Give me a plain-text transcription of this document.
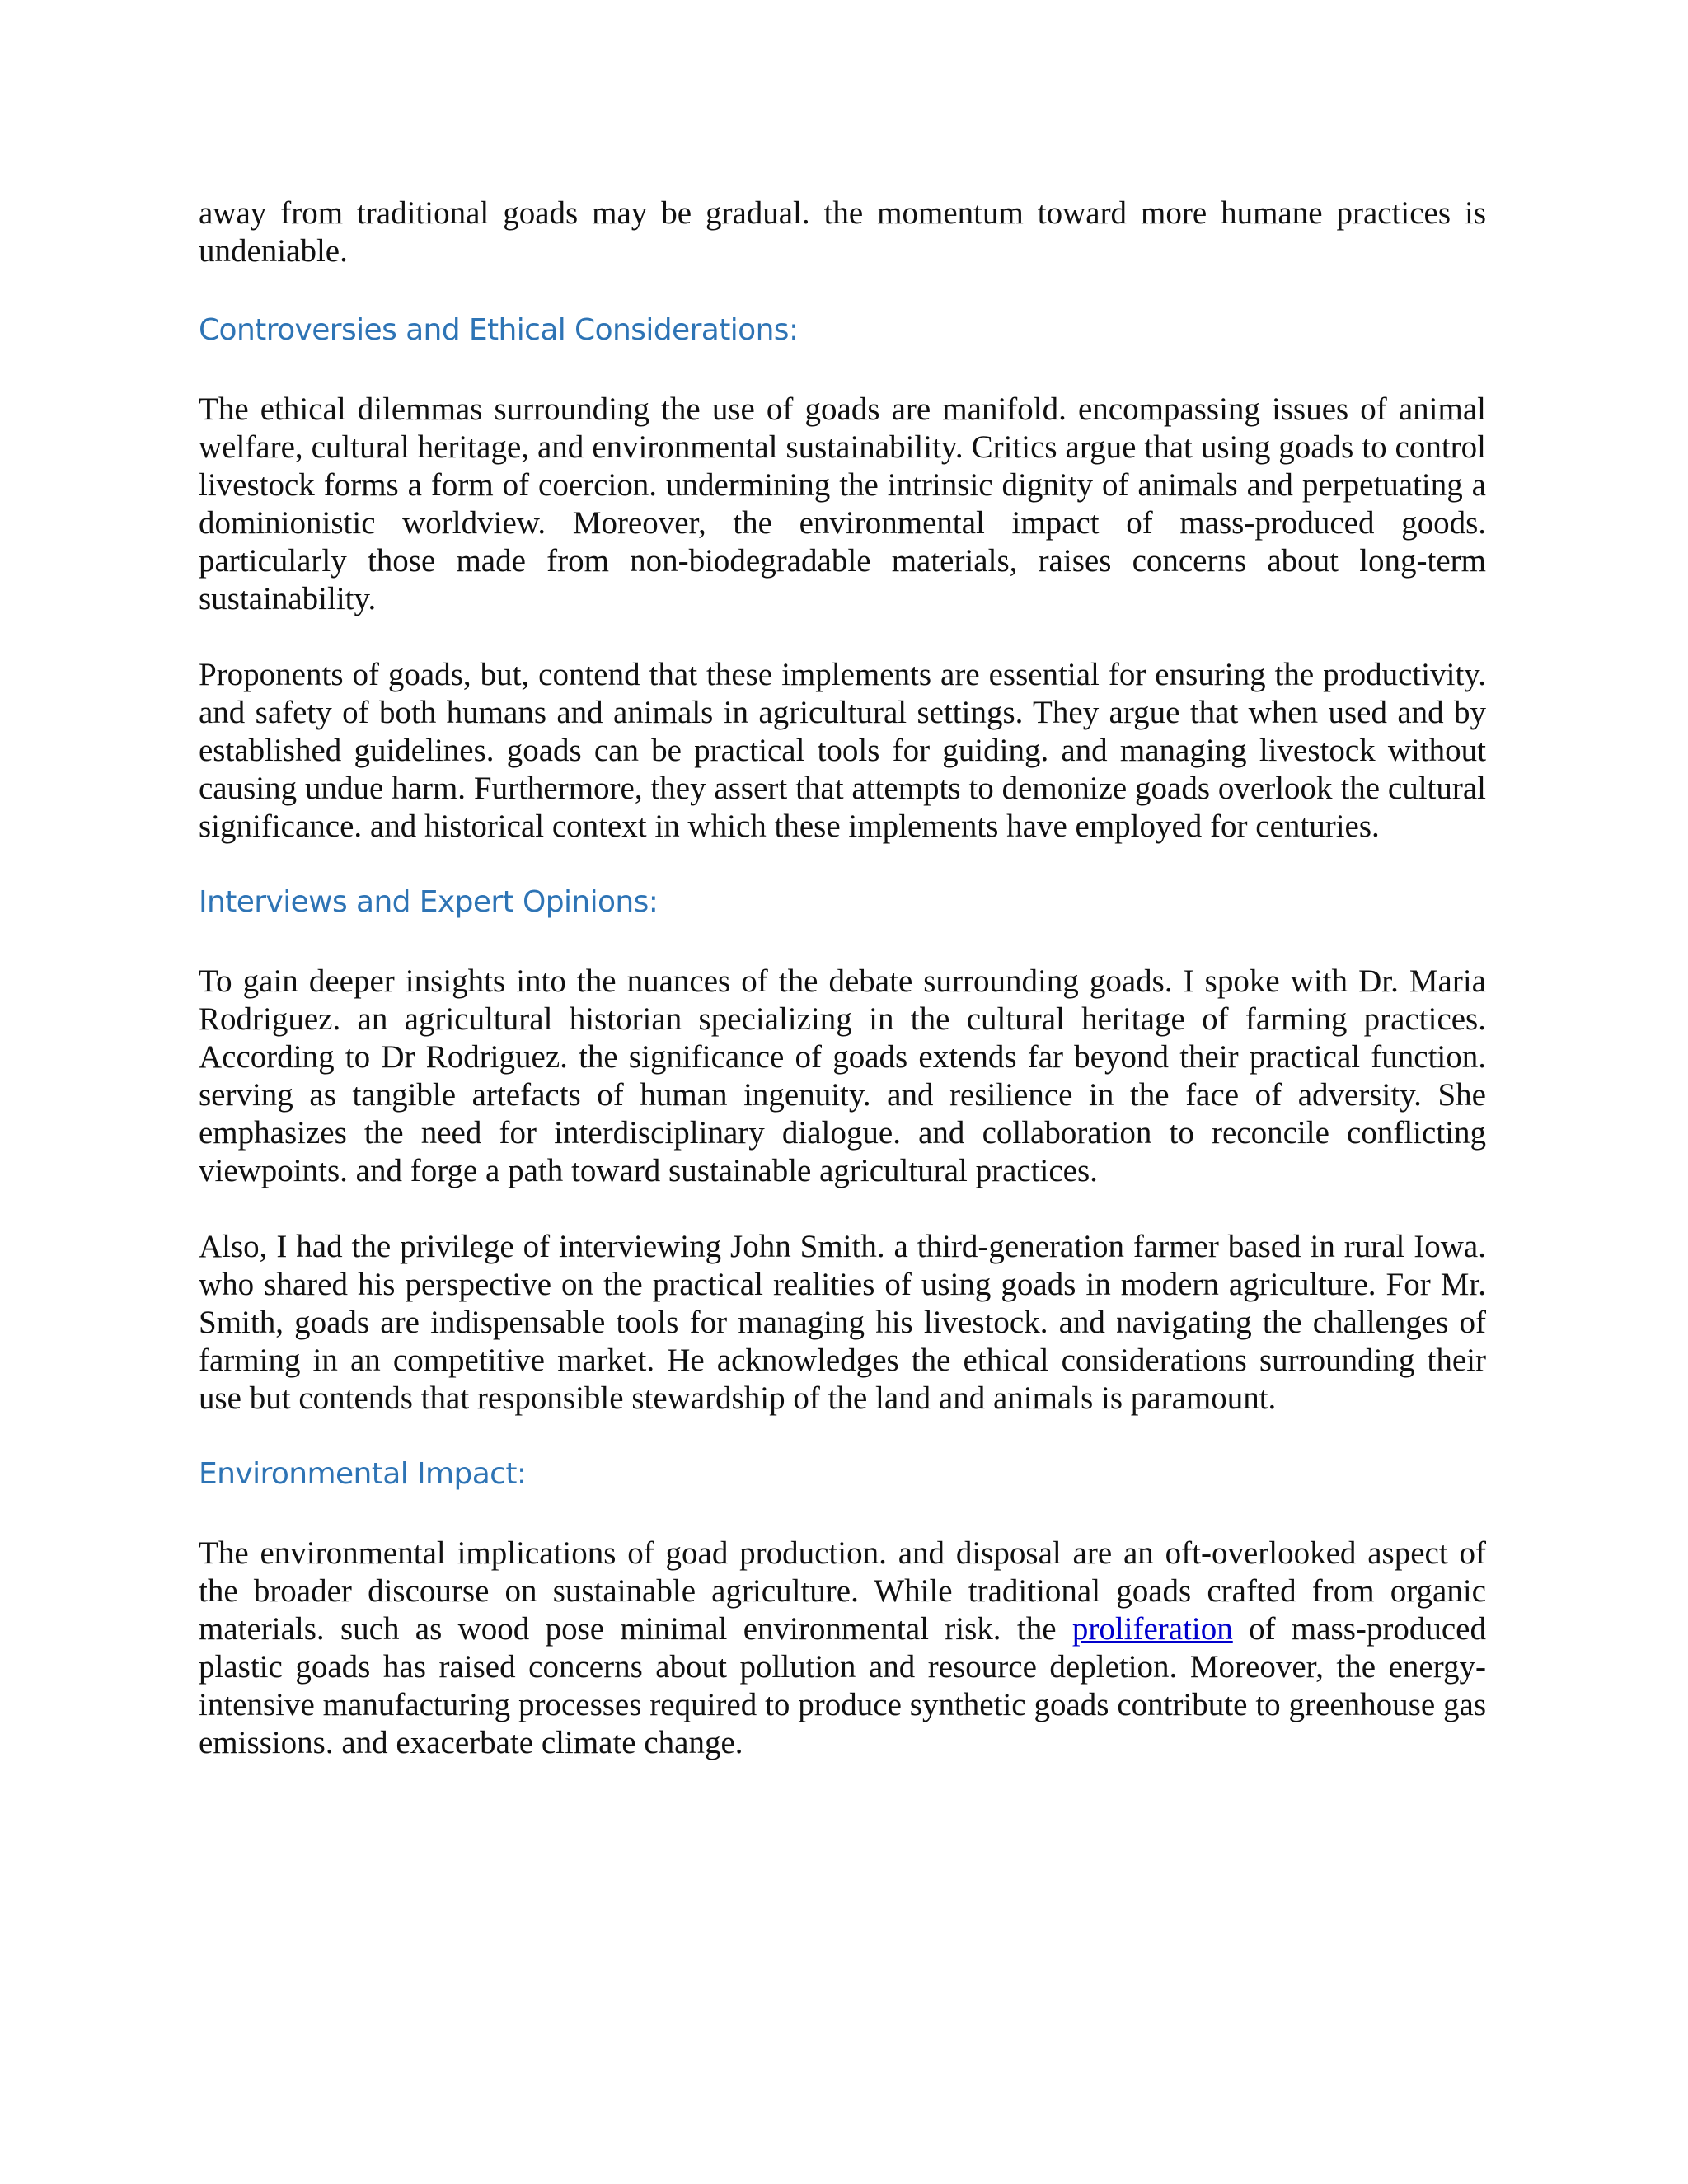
away from traditional goads may be gradual. the momentum toward more humane practices is undeniable.

Controversies and Ethical Considerations:

The ethical dilemmas surrounding the use of goads are manifold. encompassing issues of animal welfare, cultural heritage, and environmental sustainability. Critics argue that using goads to control livestock forms a form of coercion. undermining the intrinsic dignity of animals and perpetuating a dominionistic worldview. Moreover, the environmental impact of mass-produced goods. particularly those made from non-biodegradable materials, raises concerns about long-term sustainability.

Proponents of goads, but, contend that these implements are essential for ensuring the productivity. and safety of both humans and animals in agricultural settings. They argue that when used and by established guidelines. goads can be practical tools for guiding. and managing livestock without causing undue harm. Furthermore, they assert that attempts to demonize goads overlook the cultural significance. and historical context in which these implements have employed for centuries.

Interviews and Expert Opinions:

To gain deeper insights into the nuances of the debate surrounding goads. I spoke with Dr. Maria Rodriguez. an agricultural historian specializing in the cultural heritage of farming practices. According to Dr Rodriguez. the significance of goads extends far beyond their practical function. serving as tangible artefacts of human ingenuity. and resilience in the face of adversity. She emphasizes the need for interdisciplinary dialogue. and collaboration to reconcile conflicting viewpoints. and forge a path toward sustainable agricultural practices.

Also, I had the privilege of interviewing John Smith. a third-generation farmer based in rural Iowa. who shared his perspective on the practical realities of using goads in modern agriculture. For Mr. Smith, goads are indispensable tools for managing his livestock. and navigating the challenges of farming in an competitive market. He acknowledges the ethical considerations surrounding their use but contends that responsible stewardship of the land and animals is paramount.

Environmental Impact:

The environmental implications of goad production. and disposal are an oft-overlooked aspect of the broader discourse on sustainable agriculture. While traditional goads crafted from organic materials. such as wood pose minimal environmental risk. the proliferation of mass-produced plastic goads has raised concerns about pollution and resource depletion. Moreover, the energy-intensive manufacturing processes required to produce synthetic goads contribute to greenhouse gas emissions. and exacerbate climate change.
